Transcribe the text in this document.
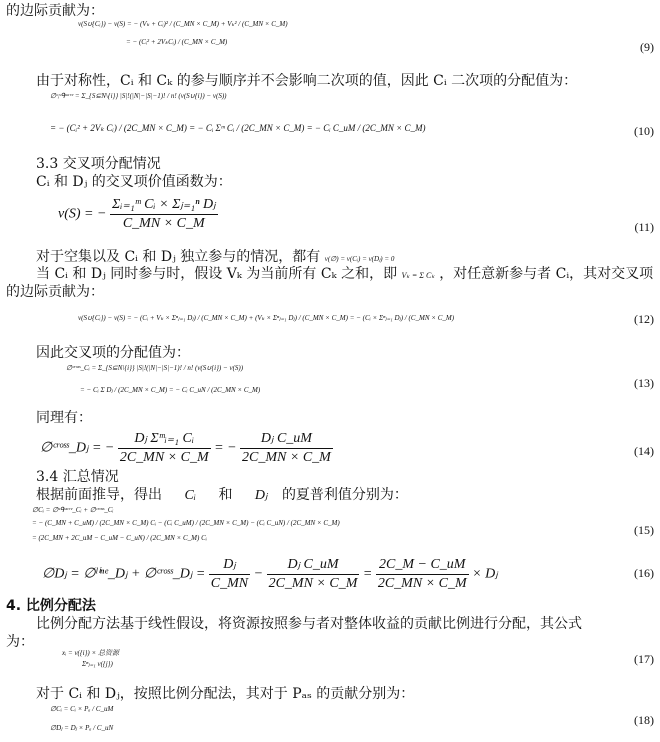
的边际贡献为：
v(S∪{Cᵢ}) − v(S) = − (Vₖ + Cᵢ)² / (C_MN × C_M) + Vₖ² / (C_MN × C_M)
= − (Cᵢ² + 2VₖCᵢ) / (C_MN × C_M)	(9)
由于对称性，Cᵢ 和 Cₖ 的参与顺序并不会影响二次项的值，因此 Cᵢ 二次项的分配值为：
∅ᶜᵢˢᑫᵘᵃʳᵉ = Σ_{S⊆N\{i}} |S|!(|N|−|S|−1)! / n! (v(S∪{i}) − v(S))
= − (Cᵢ² + 2Vₖ Cᵢ) / (2C_MN × C_M) = − Cᵢ Σᵐ Cᵢ / (2C_MN × C_M) = − Cᵢ C_uM / (2C_MN × C_M)	(10)
3.3 交叉项分配情况
Cᵢ 和 Dⱼ 的交叉项价值函数为：
v(S) = − $\frac{\text{Σᵢ₌₁ᵐ Cᵢ × Σⱼ₌₁ⁿ Dⱼ}}{C\_MN \times C\_M}$	(11)
对于空集以及 Cᵢ 和 Dⱼ 独立参与的情况，都有 v(∅) = v(Cᵢ) = v(Dⱼ) = 0
当 Cᵢ 和 Dⱼ 同时参与时，假设 Vₖ 为当前所有 Cₖ 之和，即 Vₖ = Σ Cₖ ，对任意新参与者 Cᵢ，其对交叉项
的边际贡献为：
v(S∪{Cᵢ}) − v(S) = − (Cᵢ + Vₖ × Σⁿⱼ₌₁ Dⱼ) / (C_MN × C_M) + (Vₖ × Σⁿⱼ₌₁ Dⱼ) / (C_MN × C_M) = − (Cᵢ × Σⁿⱼ₌₁ Dⱼ) / (C_MN × C_M)	(12)
因此交叉项的分配值为：
∅ᶜʳᵒˢˢ_Cᵢ = Σ_{S⊆N\{i}} |S|!(|N|−|S|−1)! / n! (v(S∪{i}) − v(S))
= − Cᵢ Σ Dⱼ / (2C_MN × C_M) = − Cᵢ C_uN / (2C_MN × C_M)	(13)
同理有：
∅ᶜʳᵒˢˢ_Dⱼ = − $\frac{\text{Dⱼ Σᵐᵢ₌₁ Cᵢ}}{2C\_MN \times C\_M}$ = − $\frac{\text{Dⱼ C\_uM}}{2C\_MN \times C\_M}$	(14)
3.4 汇总情况
根据前面推导，得出 Cᵢ 和 Dⱼ 的夏普利值分别为：
∅Cᵢ = ∅ˢᑫᵘᵃʳᵉ_Cᵢ + ∅ᶜʳᵒˢˢ_Cᵢ
= − (C_MN + C_uM) / (2C_MN × C_M) Cᵢ − (Cᵢ C_uM) / (2C_MN × C_M) − (Cᵢ C_uN) / (2C_MN × C_M)
= (2C_MN + 2C_uM − C_uM − C_uN) / (2C_MN × C_M) Cᵢ
(15)
∅Dⱼ = ∅ˡⁱⁿᵉ_Dⱼ + ∅ᶜʳᵒˢˢ_Dⱼ = $\frac{\text{Dⱼ}}{C\_MN} - \frac{\text{Dⱼ C\_uM}}{2C\_MN \times C\_M} = \frac{2C\_M - C\_uM}{2C\_MN \times C\_M}$ × Dⱼ	(16)
4. 比例分配法
比例分配方法基于线性假设，将资源按照参与者对整体收益的贡献比例进行分配，其公式
为：
xᵢ = v({i}) × 总资源
Σⁿⱼ₌₁ v({j})	(17)
对于 Cᵢ 和 Dⱼ，按照比例分配法，其对于 Pₐₛ 的贡献分别为：
∅Cᵢ = Cᵢ × Pₐ / C_uM
∅Dⱼ = Dⱼ × Pₐ / C_uN
(18)
